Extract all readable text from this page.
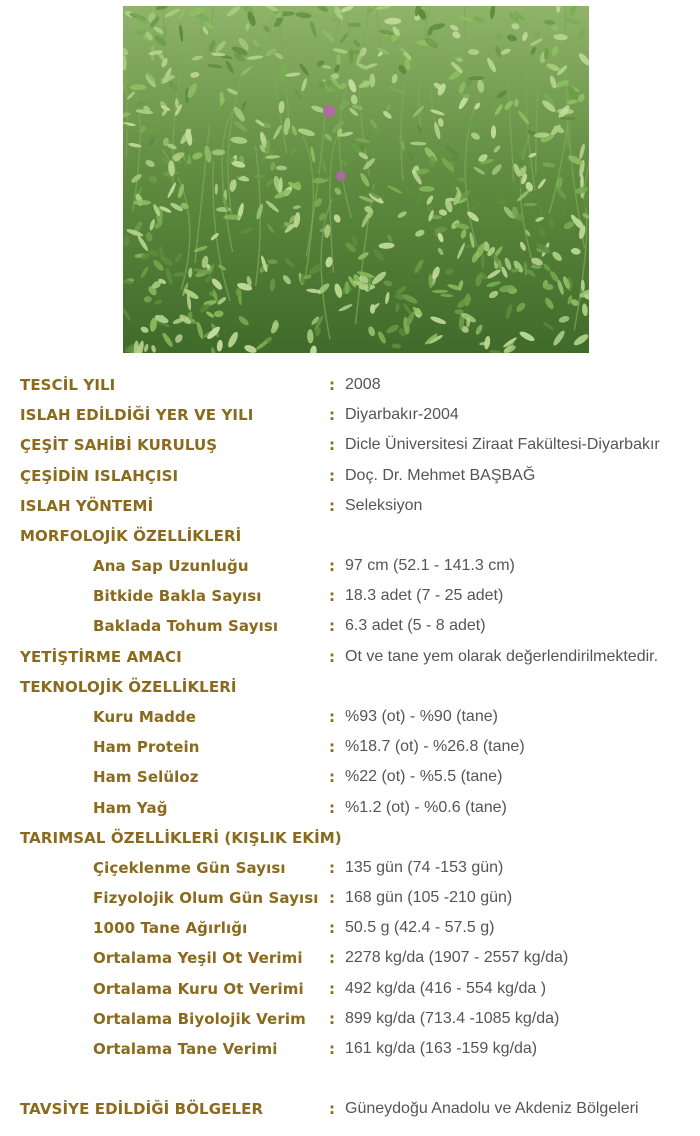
TESCİL YILI	: 2008
ISLAH EDİLDİĞİ YER VE YILI	: Diyarbakır-2004
ÇEŞİT SAHİBİ KURULUŞ	: Dicle Üniversitesi Ziraat Fakültesi-Diyarbakır
ÇEŞİDİN ISLAHÇISI	: Doç. Dr. Mehmet BAŞBAĞ
ISLAH YÖNTEMİ	: Seleksiyon
MORFOLOJİK ÖZELLİKLERİ
Ana Sap Uzunluğu	: 97 cm (52.1 - 141.3 cm)
Bitkide Bakla Sayısı	: 18.3 adet (7 - 25 adet)
Baklada Tohum Sayısı	: 6.3 adet (5 - 8 adet)
YETİŞTİRME AMACI	: Ot ve tane yem olarak değerlendirilmektedir.
TEKNOLOJİK ÖZELLİKLERİ
Kuru Madde	: %93 (ot) - %90 (tane)
Ham Protein	: %18.7 (ot) - %26.8 (tane)
Ham Selüloz	: %22 (ot) - %5.5 (tane)
Ham Yağ	: %1.2 (ot) - %0.6 (tane)
TARIMSAL ÖZELLİKLERİ (KIŞLIK EKİM)
Çiçeklenme Gün Sayısı	: 135 gün (74 -153 gün)
Fizyolojik Olum Gün Sayısı : 168 gün (105 -210 gün)
1000 Tane Ağırlığı	: 50.5 g (42.4 - 57.5 g)
Ortalama Yeşil Ot Verimi : 2278 kg/da (1907 - 2557 kg/da)
Ortalama Kuru Ot Verimi : 492 kg/da (416 - 554 kg/da )
Ortalama Biyolojik Verim : 899 kg/da (713.4 -1085 kg/da)
Ortalama Tane Verimi	: 161 kg/da (163 -159 kg/da)
TAVSİYE EDİLDİĞİ BÖLGELER	: Güneydoğu Anadolu ve Akdeniz Bölgeleri
